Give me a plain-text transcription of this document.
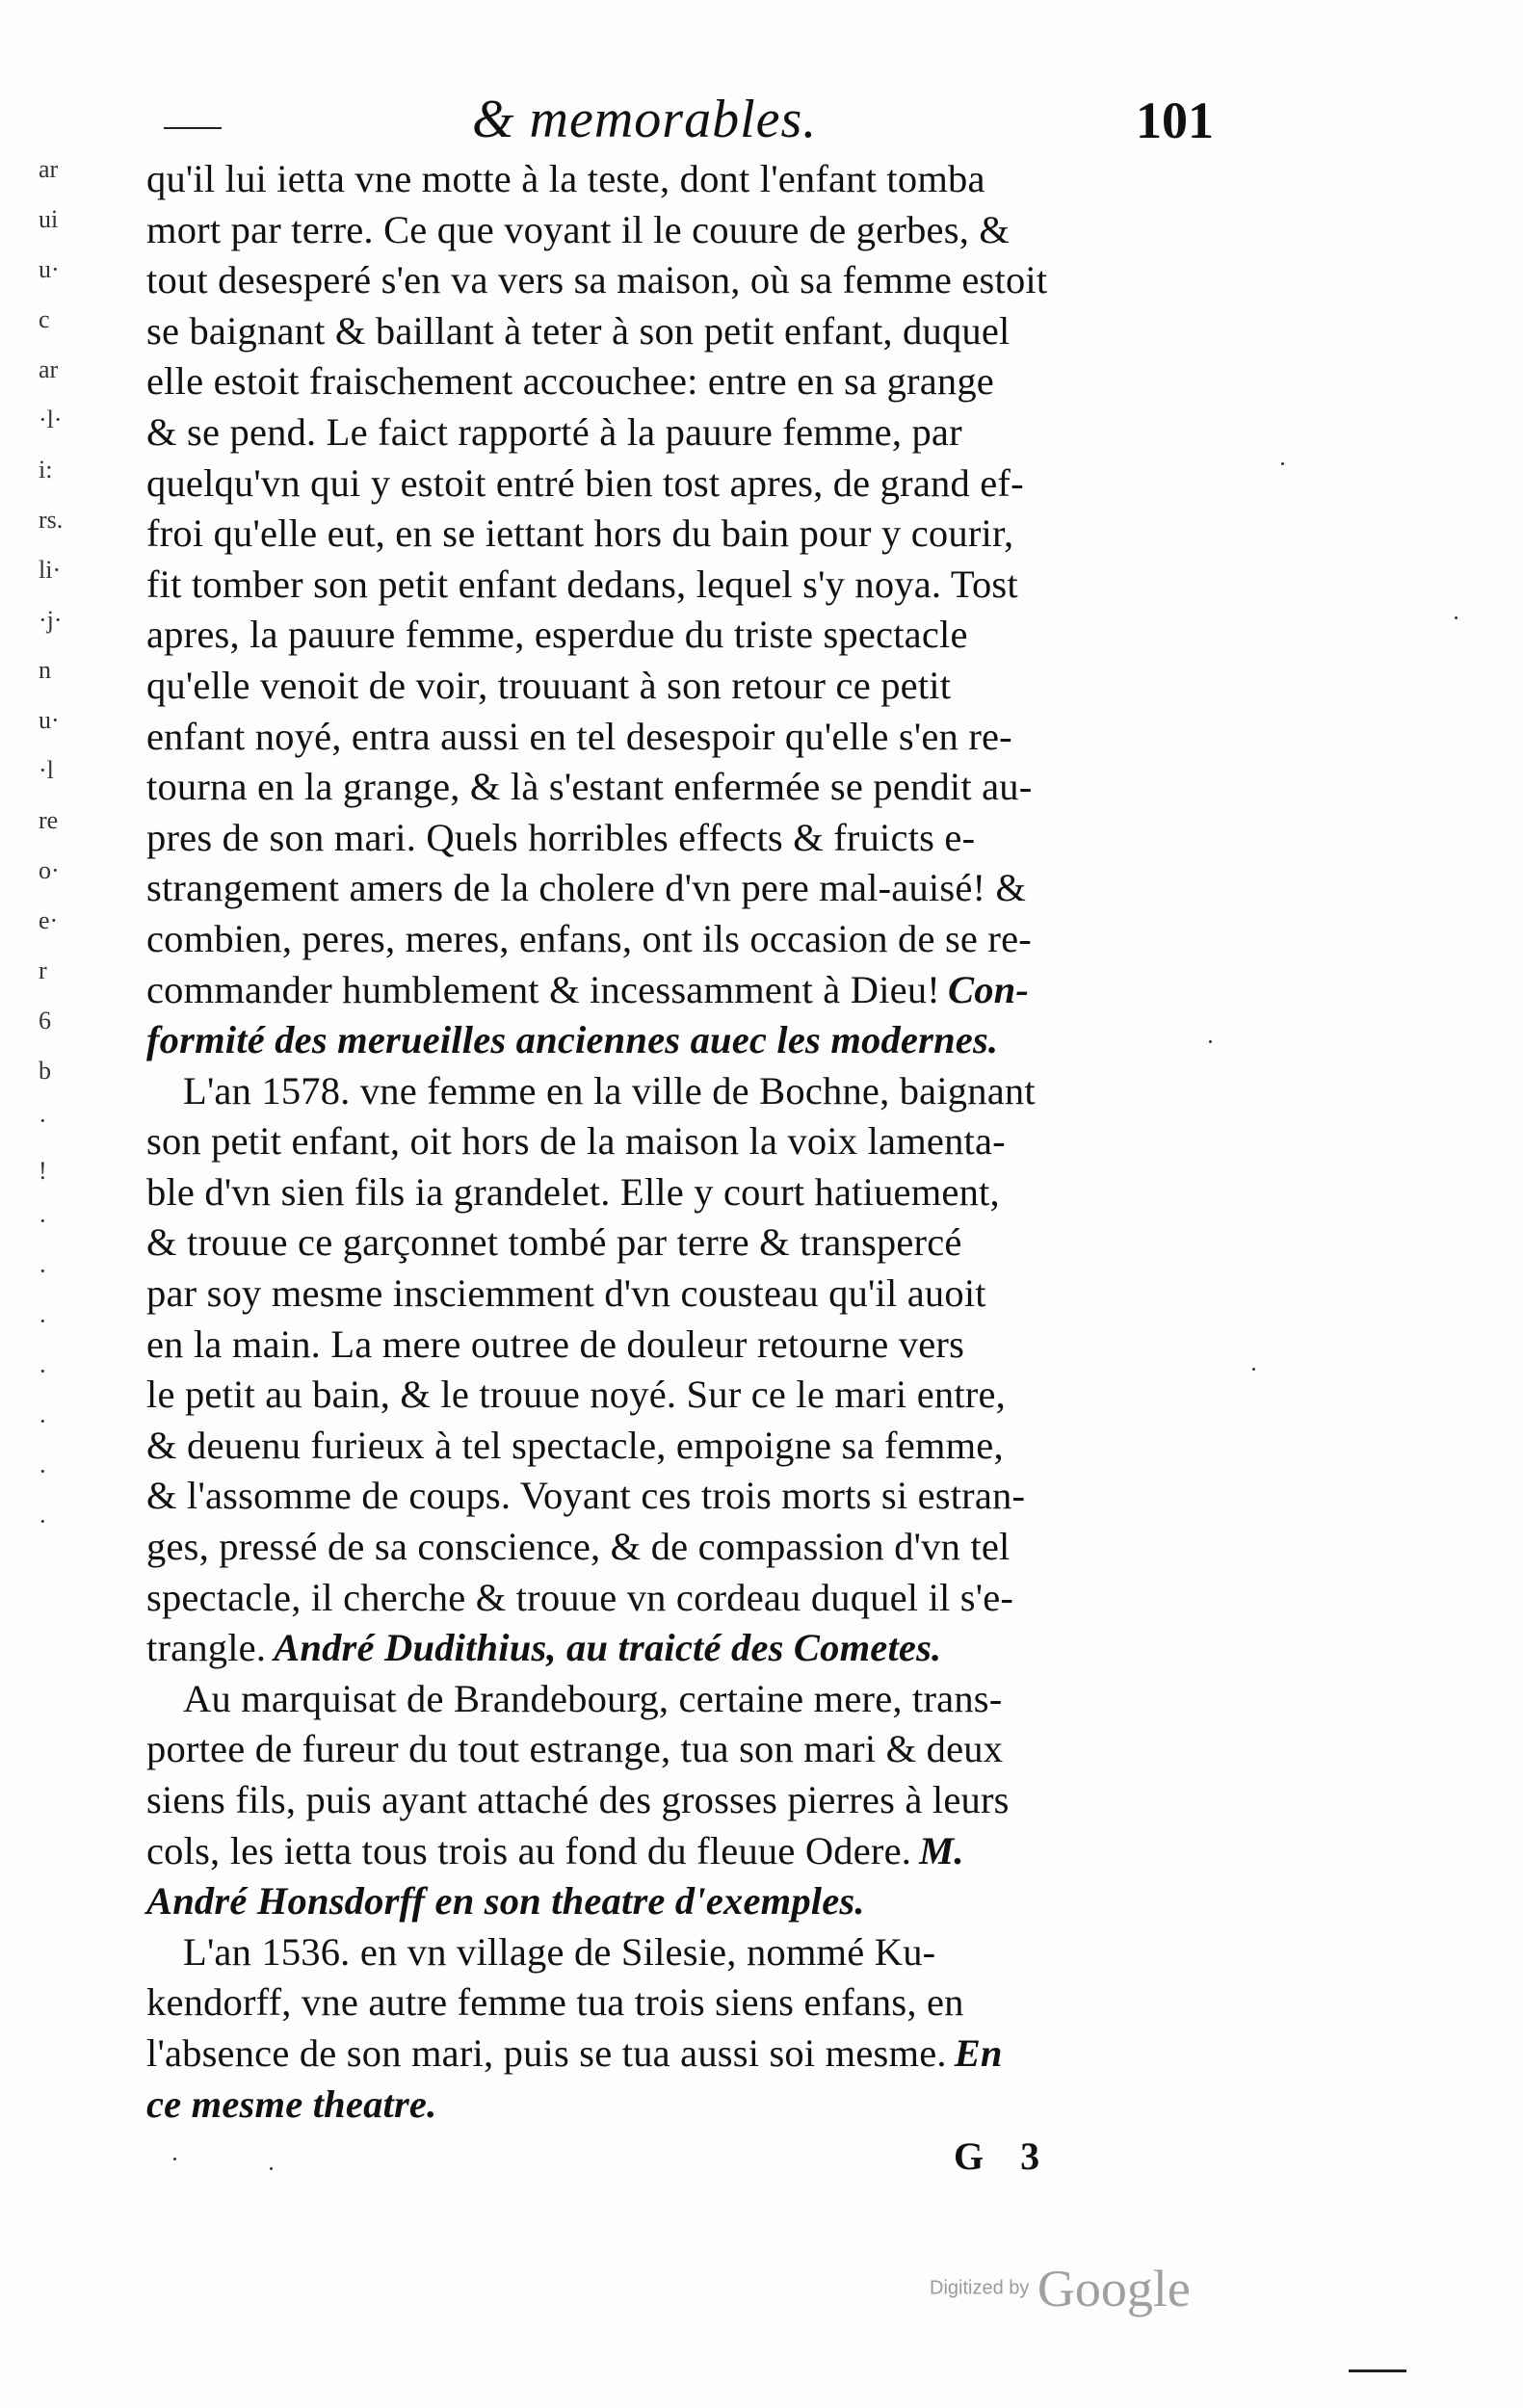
& memorables.	101
ar
ui
u·
c
ar
·l·
i:
rs.
li·
·j·
n
u·
·l
re
o·
e·
r
6
b
·
!
·
·
·
·
·
·
·
qu'il lui ietta vne motte à la teste, dont l'enfant tomba
mort par terre. Ce que voyant il le couure de gerbes, &
tout desesperé s'en va vers sa maison, où sa femme estoit
se baignant & baillant à teter à son petit enfant, duquel
elle estoit fraischement accouchee: entre en sa grange
& se pend. Le faict rapporté à la pauure femme, par
quelqu'vn qui y estoit entré bien tost apres, de grand ef-
froi qu'elle eut, en se iettant hors du bain pour y courir,
fit tomber son petit enfant dedans, lequel s'y noya. Tost
apres, la pauure femme, esperdue du triste spectacle
qu'elle venoit de voir, trouuant à son retour ce petit
enfant noyé, entra aussi en tel desespoir qu'elle s'en re-
tourna en la grange, & là s'estant enfermée se pendit au-
pres de son mari. Quels horribles effects & fruicts e-
strangement amers de la cholere d'vn pere mal-auisé! &
combien, peres, meres, enfans, ont ils occasion de se re-
commander humblement & incessamment à Dieu! Con-
formité des merueilles anciennes auec les modernes.
L'an 1578. vne femme en la ville de Bochne, baignant
son petit enfant, oit hors de la maison la voix lamenta-
ble d'vn sien fils ia grandelet. Elle y court hatiuement,
& trouue ce garçonnet tombé par terre & transpercé
par soy mesme insciemment d'vn cousteau qu'il auoit
en la main. La mere outree de douleur retourne vers
le petit au bain, & le trouue noyé. Sur ce le mari entre,
& deuenu furieux à tel spectacle, empoigne sa femme,
& l'assomme de coups. Voyant ces trois morts si estran-
ges, pressé de sa conscience, & de compassion d'vn tel
spectacle, il cherche & trouue vn cordeau duquel il s'e-
trangle. André Dudithius, au traicté des Cometes.
Au marquisat de Brandebourg, certaine mere, trans-
portee de fureur du tout estrange, tua son mari & deux
siens fils, puis ayant attaché des grosses pierres à leurs
cols, les ietta tous trois au fond du fleuue Odere. M.
André Honsdorff en son theatre d'exemples.
L'an 1536. en vn village de Silesie, nommé Ku-
kendorff, vne autre femme tua trois siens enfans, en
l'absence de son mari, puis se tua aussi soi mesme. En
ce mesme theatre.
G 3
Digitized by Google
